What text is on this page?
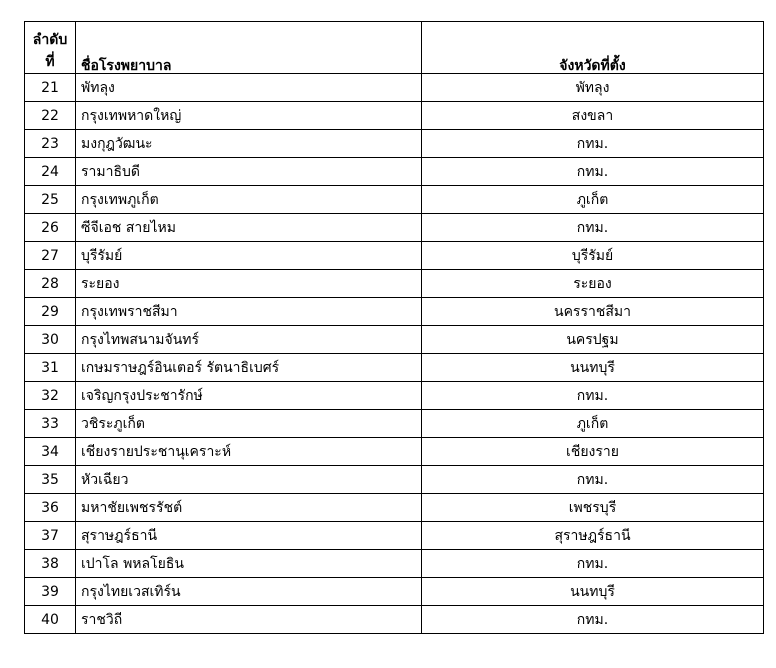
ลำดับ
ที่	ชื่อโรงพยาบาล	จังหวัดที่ตั้ง
21	พัทลุง	พัทลุง
22	กรุงเทพหาดใหญ่	สงขลา
23	มงกุฎวัฒนะ	กทม.
24	รามาธิบดี	กทม.
25	กรุงเทพภูเก็ต	ภูเก็ต
26	ซีจีเอช สายไหม	กทม.
27	บุรีรัมย์	บุรีรัมย์
28	ระยอง	ระยอง
29	กรุงเทพราชสีมา	นครราชสีมา
30	กรุงไทพสนามจันทร์	นครปฐม
31	เกษมราษฎร์อินเตอร์ รัตนาธิเบศร์	นนทบุรี
32	เจริญกรุงประชารักษ์	กทม.
33	วชิระภูเก็ต	ภูเก็ต
34	เชียงรายประชานุเคราะห์	เชียงราย
35	หัวเฉียว	กทม.
36	มหาชัยเพชรรัชต์	เพชรบุรี
37	สุราษฎร์ธานี	สุราษฎร์ธานี
38	เปาโล พหลโยธิน	กทม.
39	กรุงไทยเวสเทิร์น	นนทบุรี
40	ราชวิถี	กทม.
